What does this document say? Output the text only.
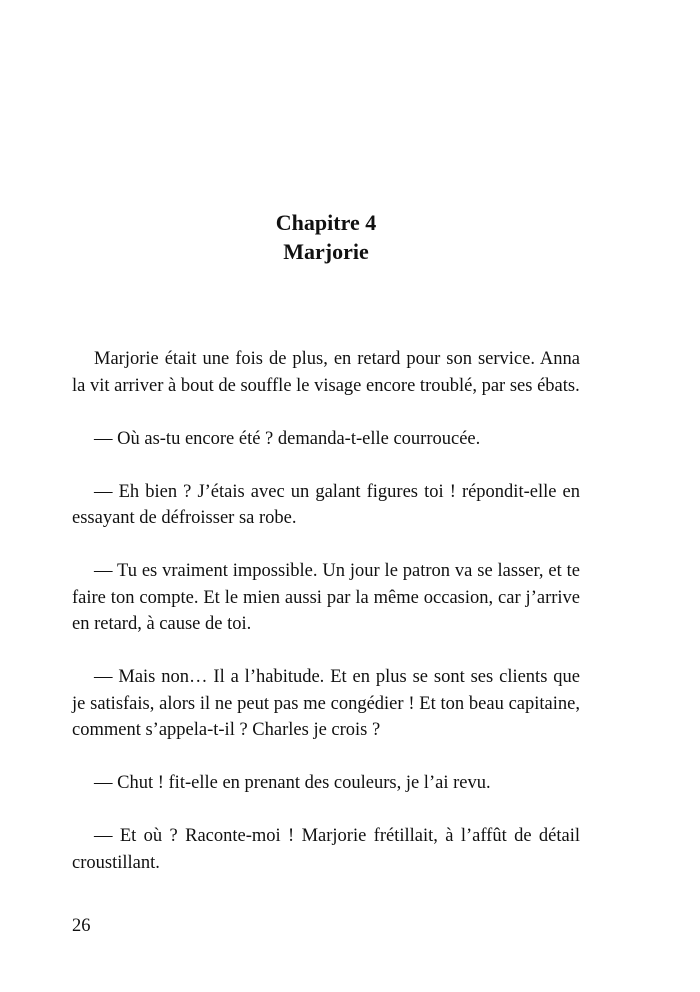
Chapitre 4
Marjorie

Marjorie était une fois de plus, en retard pour son service. Anna la vit arriver à bout de souffle le visage encore troublé, par ses ébats.

— Où as-tu encore été ? demanda-t-elle courroucée.

— Eh bien ? J’étais avec un galant figures toi ! répondit-elle en essayant de défroisser sa robe.

— Tu es vraiment impossible. Un jour le patron va se lasser, et te faire ton compte. Et le mien aussi par la même occasion, car j’arrive en retard, à cause de toi.

— Mais non… Il a l’habitude. Et en plus se sont ses clients que je satisfais, alors il ne peut pas me congédier ! Et ton beau capitaine, comment s’appela-t-il ? Charles je crois ?

— Chut ! fit-elle en prenant des couleurs, je l’ai revu.

— Et où ? Raconte-moi ! Marjorie frétillait, à l’affût de détail croustillant.

26
